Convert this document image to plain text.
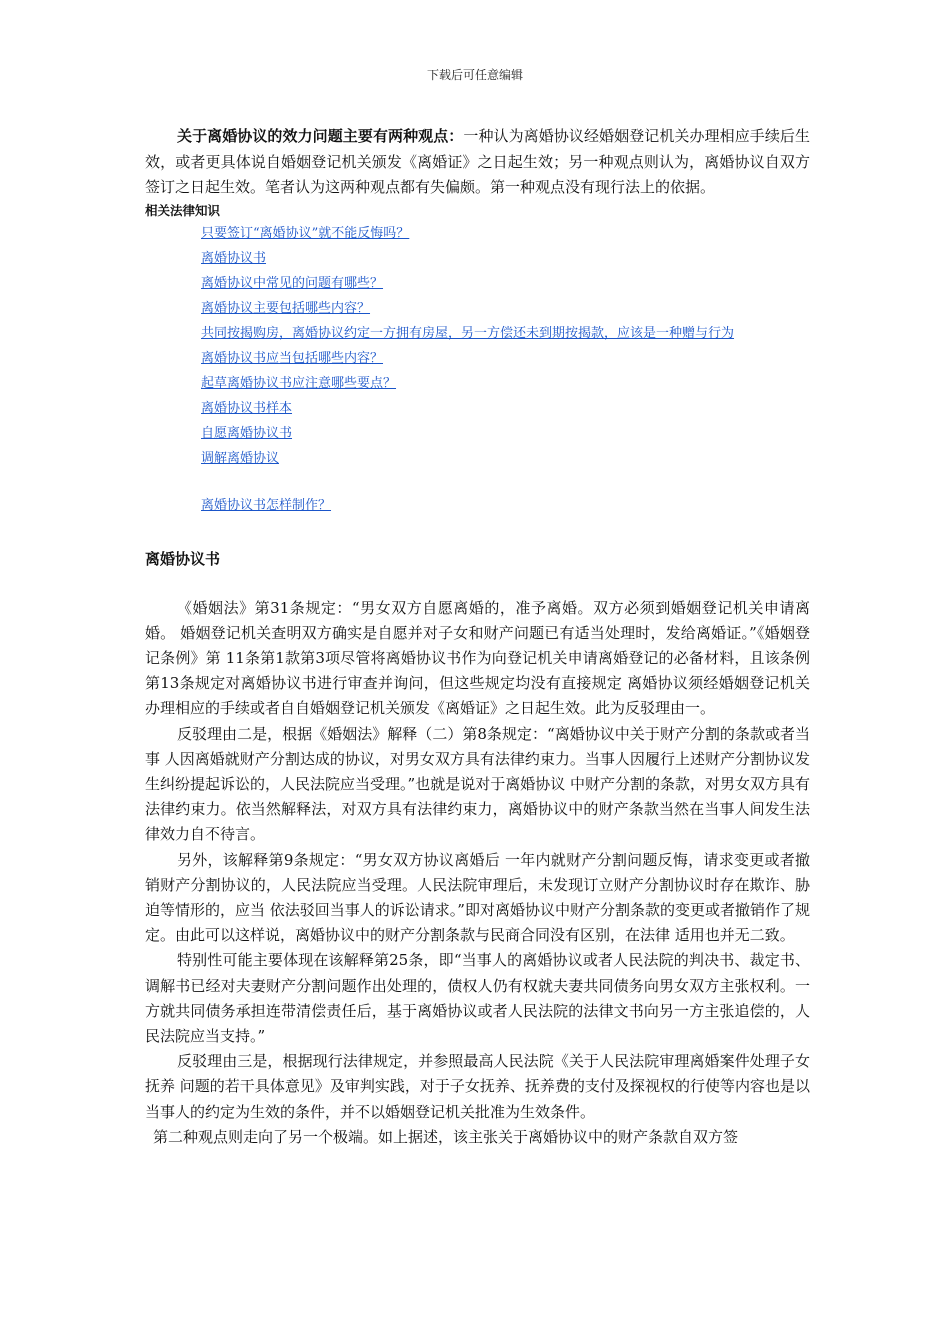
下载后可任意编辑

关于离婚协议的效力问题主要有两种观点：一种认为离婚协议经婚姻登记机关办理相应手续后生效，或者更具体说自婚姻登记机关颁发《离婚证》之日起生效；另一种观点则认为，离婚协议自双方签订之日起生效。笔者认为这两种观点都有失偏颇。第一种观点没有现行法上的依据。

相关法律知识
只要签订“离婚协议”就不能反悔吗？
离婚协议书
离婚协议中常见的问题有哪些？
离婚协议主要包括哪些内容？
共同按揭购房，离婚协议约定一方拥有房屋，另一方偿还未到期按揭款，应该是一种赠与行为
离婚协议书应当包括哪些内容？
起草离婚协议书应注意哪些要点？
离婚协议书样本
自愿离婚协议书
调解离婚协议
离婚协议书怎样制作？
离婚协议书

《婚姻法》第31条规定：“男女双方自愿离婚的，准予离婚。双方必须到婚姻登记机关申请离婚。 婚姻登记机关查明双方确实是自愿并对子女和财产问题已有适当处理时，发给离婚证。”《婚姻登记条例》第 11条第1款第3项尽管将离婚协议书作为向登记机关申请离婚登记的必备材料，且该条例第13条规定对离婚协议书进行审查并询问，但这些规定均没有直接规定 离婚协议须经婚姻登记机关办理相应的手续或者自自婚姻登记机关颁发《离婚证》之日起生效。此为反驳理由一。

反驳理由二是，根据《婚姻法》解释（二）第8条规定：“离婚协议中关于财产分割的条款或者当事 人因离婚就财产分割达成的协议，对男女双方具有法律约束力。当事人因履行上述财产分割协议发生纠纷提起诉讼的，人民法院应当受理。”也就是说对于离婚协议 中财产分割的条款，对男女双方具有法律约束力。依当然解释法，对双方具有法律约束力，离婚协议中的财产条款当然在当事人间发生法律效力自不待言。

另外，该解释第9条规定：“男女双方协议离婚后 一年内就财产分割问题反悔，请求变更或者撤销财产分割协议的，人民法院应当受理。人民法院审理后，未发现订立财产分割协议时存在欺诈、胁迫等情形的，应当 依法驳回当事人的诉讼请求。”即对离婚协议中财产分割条款的变更或者撤销作了规定。由此可以这样说，离婚协议中的财产分割条款与民商合同没有区别，在法律 适用也并无二致。

特别性可能主要体现在该解释第25条，即“当事人的离婚协议或者人民法院的判决书、裁定书、调解书已经对夫妻财产分割问题作出处理的，债权人仍有权就夫妻共同债务向男女双方主张权利。一方就共同债务承担连带清偿责任后，基于离婚协议或者人民法院的法律文书向另一方主张追偿的，人民法院应当支持。”

反驳理由三是，根据现行法律规定，并参照最高人民法院《关于人民法院审理离婚案件处理子女抚养 问题的若干具体意见》及审判实践，对于子女抚养、抚养费的支付及探视权的行使等内容也是以当事人的约定为生效的条件，并不以婚姻登记机关批准为生效条件。

第二种观点则走向了另一个极端。如上据述，该主张关于离婚协议中的财产条款自双方签
